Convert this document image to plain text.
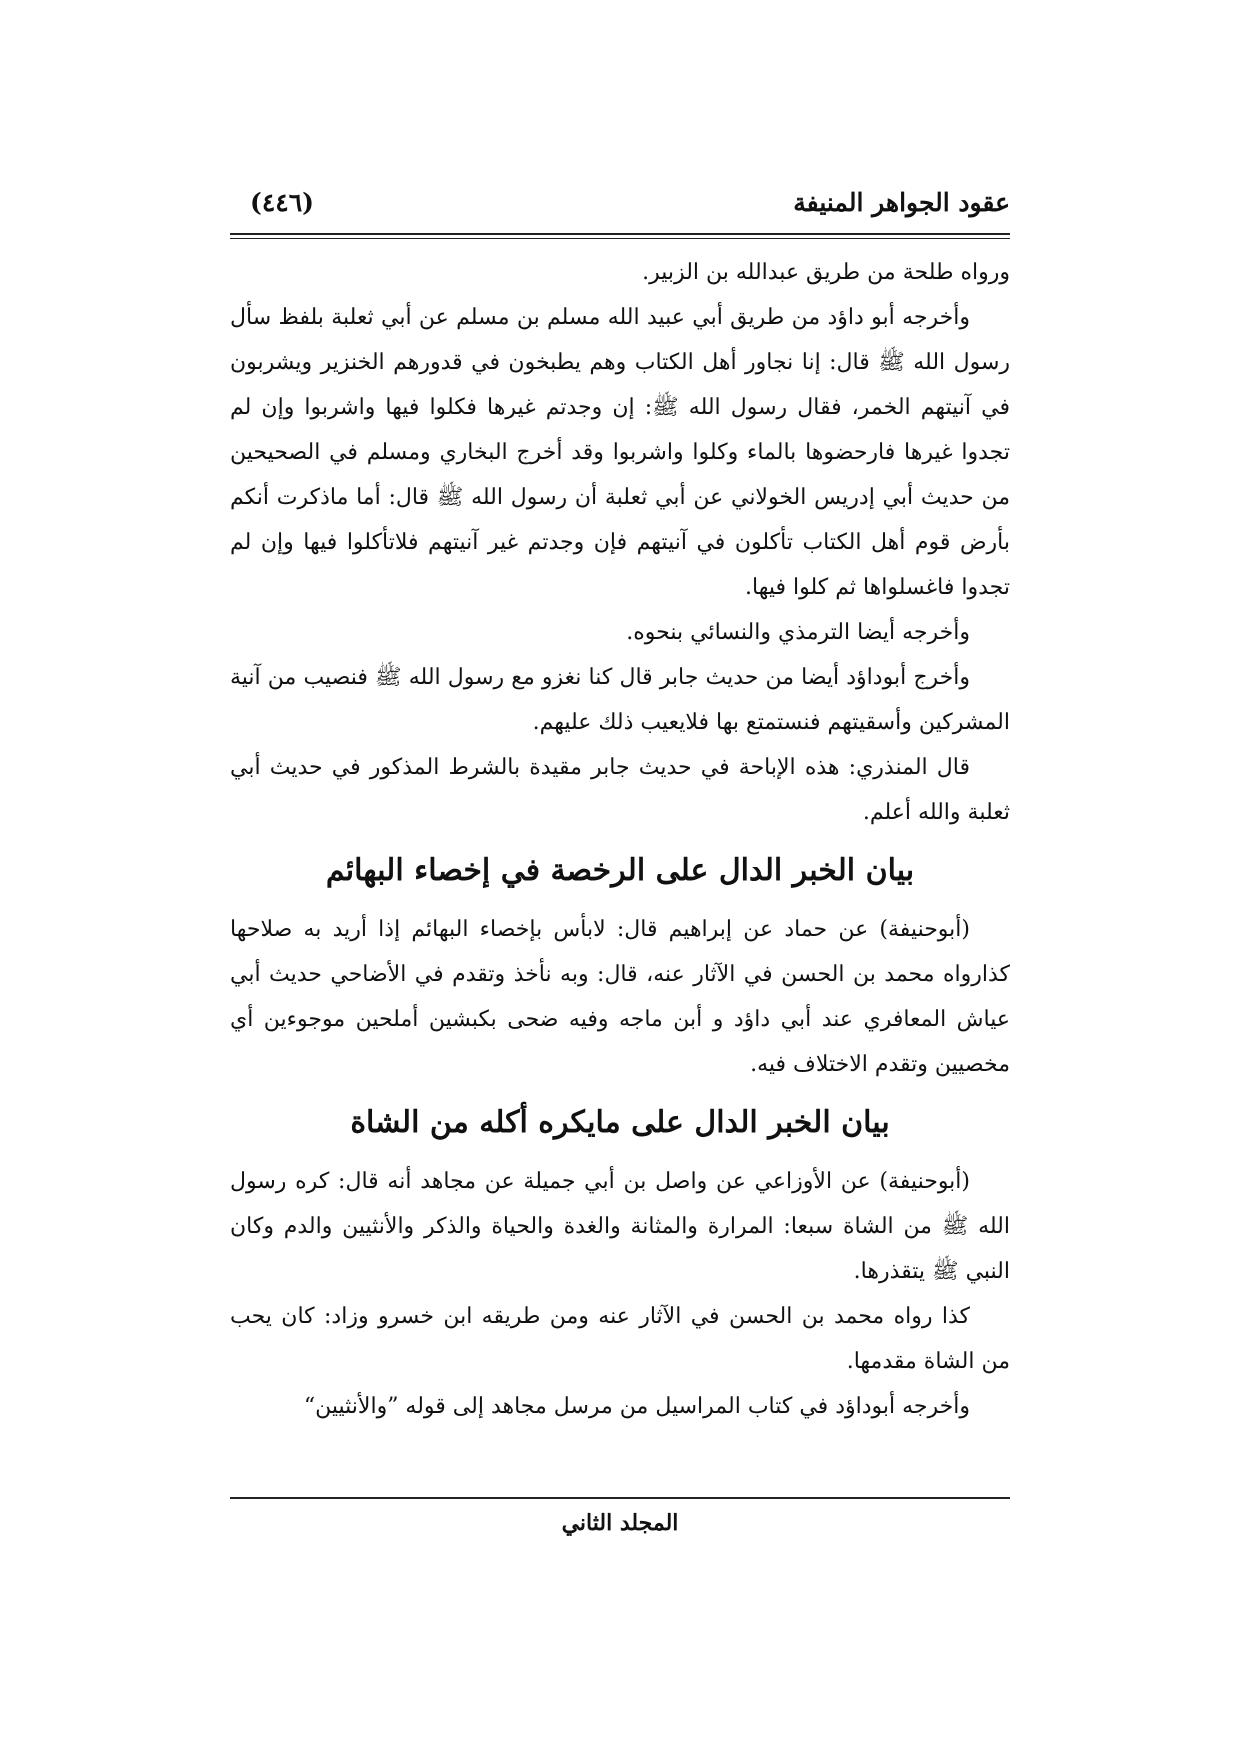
عقود الجواهر المنيفة
(٤٤٦)

ورواه طلحة من طريق عبدالله بن الزبير.

وأخرجه أبو داؤد من طريق أبي عبيد الله مسلم بن مسلم عن أبي ثعلبة بلفظ سأل رسول الله ﷺ قال: إنا نجاور أهل الكتاب وهم يطبخون في قدورهم الخنزير ويشربون في آنيتهم الخمر، فقال رسول الله ﷺ: إن وجدتم غيرها فكلوا فيها واشربوا وإن لم تجدوا غيرها فارحضوها بالماء وكلوا واشربوا وقد أخرج البخاري ومسلم في الصحيحين من حديث أبي إدريس الخولاني عن أبي ثعلبة أن رسول الله ﷺ قال: أما ماذكرت أنكم بأرض قوم أهل الكتاب تأكلون في آنيتهم فإن وجدتم غير آنيتهم فلاتأكلوا فيها وإن لم تجدوا فاغسلواها ثم كلوا فيها.

وأخرجه أيضا الترمذي والنسائي بنحوه.

وأخرج أبوداؤد أيضا من حديث جابر قال كنا نغزو مع رسول الله ﷺ فنصيب من آنية المشركين وأسقيتهم فنستمتع بها فلايعيب ذلك عليهم.

قال المنذري: هذه الإباحة في حديث جابر مقيدة بالشرط المذكور في حديث أبي ثعلبة والله أعلم.

بيان الخبر الدال على الرخصة في إخصاء البهائم

(أبوحنيفة) عن حماد عن إبراهيم قال: لابأس بإخصاء البهائم إذا أريد به صلاحها كذارواه محمد بن الحسن في الآثار عنه، قال: وبه نأخذ وتقدم في الأضاحي حديث أبي عياش المعافري عند أبي داؤد و أبن ماجه وفيه ضحى بكبشين أملحين موجوءين أي مخصيين وتقدم الاختلاف فيه.

بيان الخبر الدال على مايكره أكله من الشاة

(أبوحنيفة) عن الأوزاعي عن واصل بن أبي جميلة عن مجاهد أنه قال: كره رسول الله ﷺ من الشاة سبعا: المرارة والمثانة والغدة والحياة والذكر والأنثيين والدم وكان النبي ﷺ يتقذرها.

كذا رواه محمد بن الحسن في الآثار عنه ومن طريقه ابن خسرو وزاد: كان يحب من الشاة مقدمها.

وأخرجه أبوداؤد في كتاب المراسيل من مرسل مجاهد إلى قوله ”والأنثيين“

المجلد الثاني
